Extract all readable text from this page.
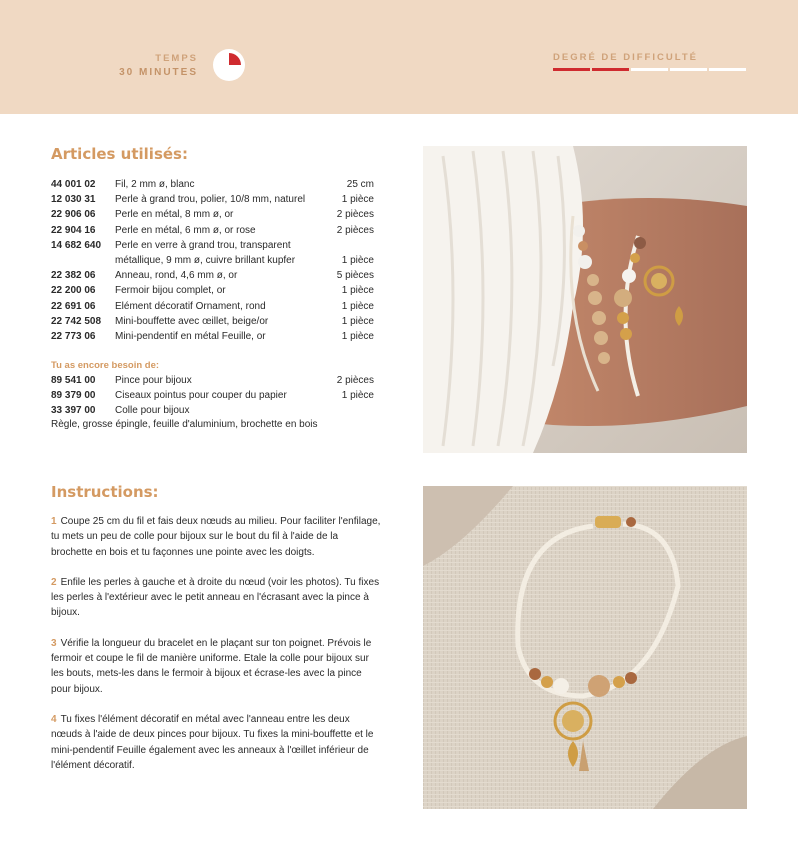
TEMPS
30 MINUTES
DEGRÉ DE DIFFICULTÉ
Articles utilisés:
44 001 02	Fil, 2 mm ø, blanc	25 cm
12 030 31	Perle à grand trou, polier, 10/8 mm, naturel	1 pièce
22 906 06	Perle en métal, 8 mm ø, or	2 pièces
22 904 16	Perle en métal, 6 mm ø, or rose	2 pièces
14 682 640	Perle en verre à grand trou, transparent
métallique, 9 mm ø, cuivre brillant kupfer	1 pièce
22 382 06	Anneau, rond, 4,6 mm ø, or	5 pièces
22 200 06	Fermoir bijou complet, or	1 pièce
22 691 06	Elément décoratif Ornament, rond	1 pièce
22 742 508	Mini-bouffette avec œillet, beige/or	1 pièce
22 773 06	Mini-pendentif en métal Feuille, or	1 pièce
Tu as encore besoin de:
89 541 00	Pince pour bijoux	2 pièces
89 379 00	Ciseaux pointus pour couper du papier	1 pièce
33 397 00	Colle pour bijoux
Règle, grosse épingle, feuille d'aluminium, brochette en bois
Instructions:

1 Coupe 25 cm du fil et fais deux nœuds au milieu. Pour faciliter l'enfilage, tu mets un peu de colle pour bijoux sur le bout du fil à l'aide de la brochette en bois et tu façonnes une pointe avec les doigts.

2 Enfile les perles à gauche et à droite du nœud (voir les photos). Tu fixes les perles à l'extérieur avec le petit anneau en l'écrasant avec la pince à bijoux.

3 Vérifie la longueur du bracelet en le plaçant sur ton poignet. Prévois le fermoir et coupe le fil de manière uniforme. Etale la colle pour bijoux sur les bouts, mets-les dans le fermoir à bijoux et écrase-les avec la pince pour bijoux.

4 Tu fixes l'élément décoratif en métal avec l'anneau entre les deux nœuds à l'aide de deux pinces pour bijoux. Tu fixes la mini-bouffette et le mini-pendentif Feuille également avec les anneaux à l'œillet inférieur de l'élément décoratif.
